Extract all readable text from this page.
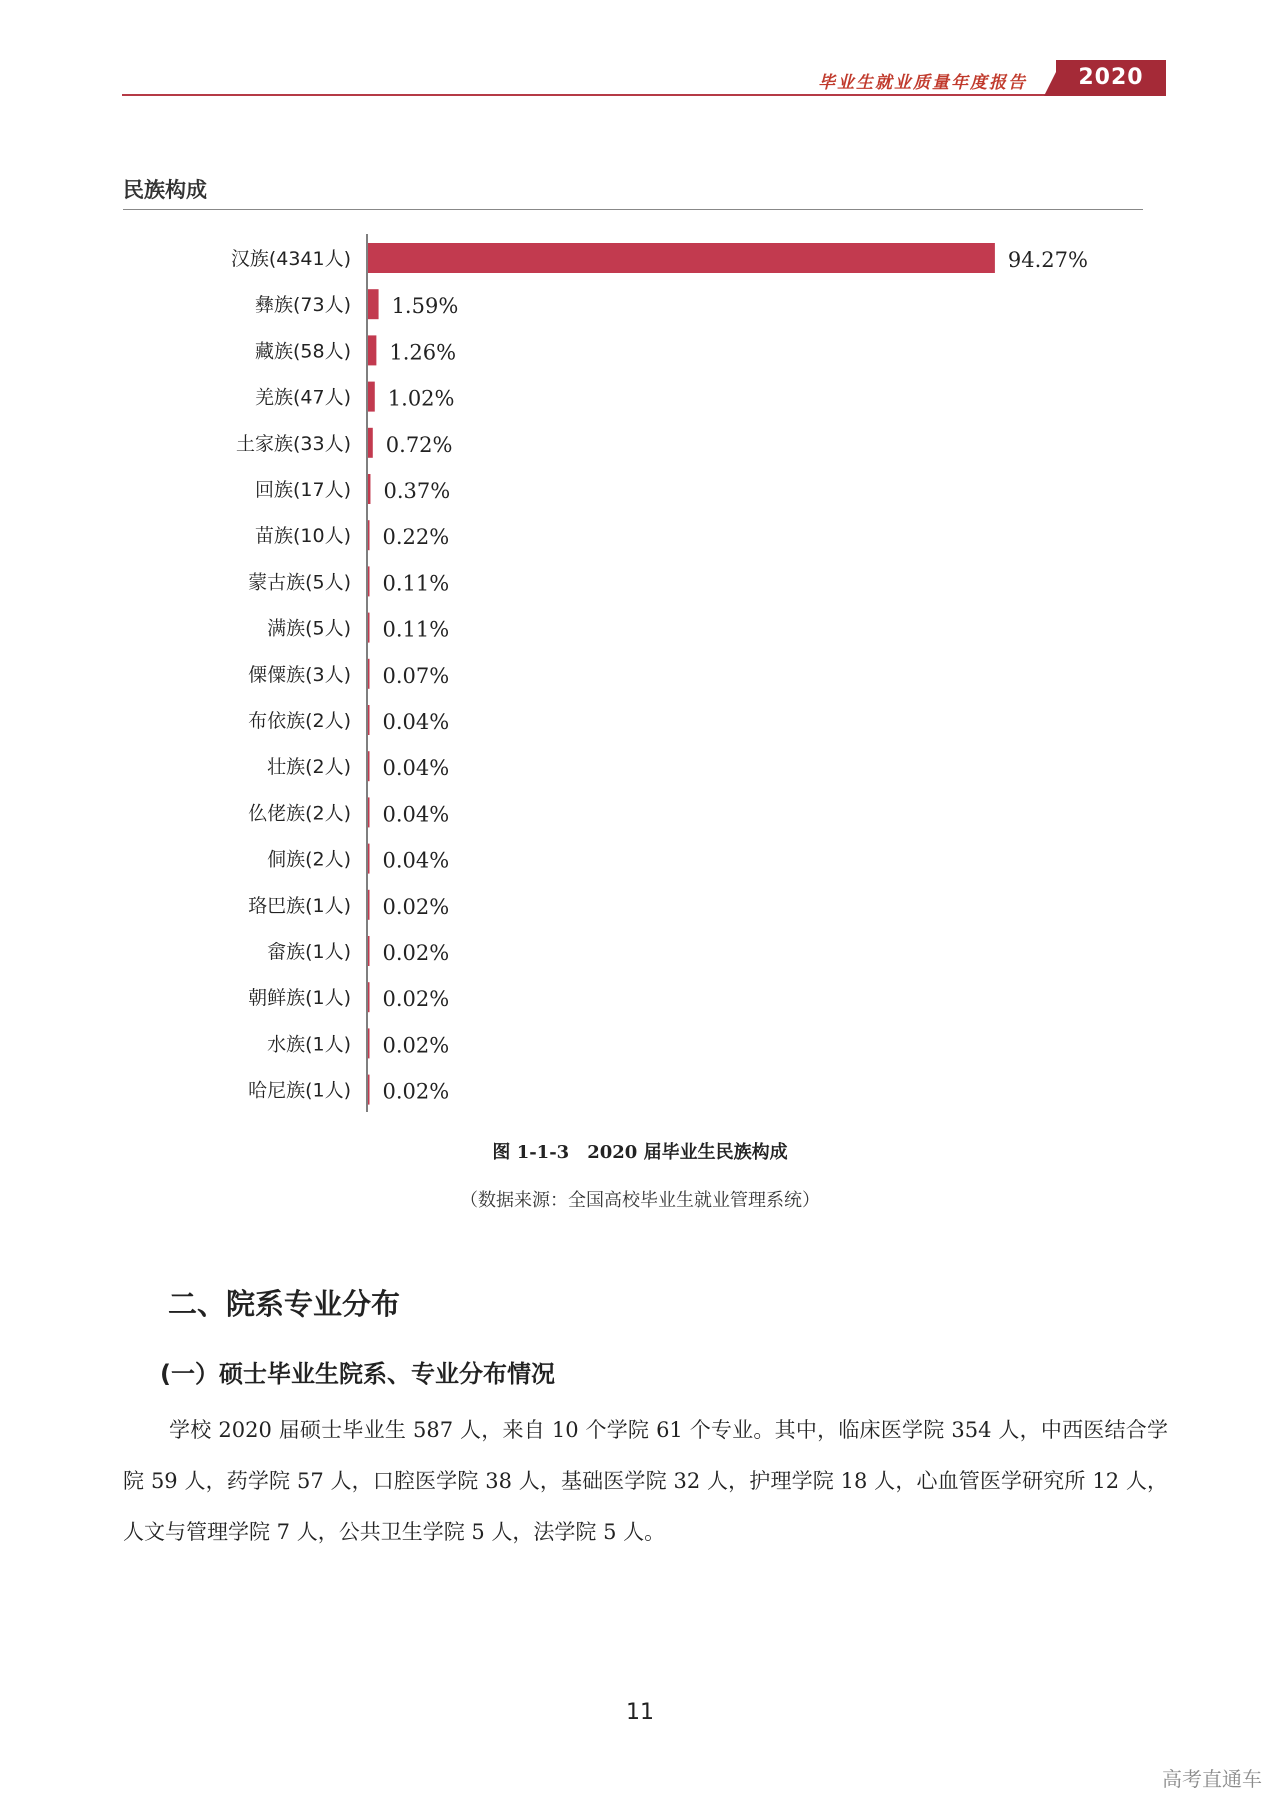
毕业生就业质量年度报告	2020
民族构成
汉族(4341人)	94.27%
彝族(73人) 1.59%
藏族(58人) 1.26%
羌族(47人) 1.02%
土家族(33人) 0.72%
回族(17人) 0.37%
苗族(10人) 0.22%
蒙古族(5人) 0.11%
满族(5人) 0.11%
傈僳族(3人) 0.07%
布依族(2人) 0.04%
壮族(2人) 0.04%
仫佬族(2人) 0.04%
侗族(2人) 0.04%
珞巴族(1人) 0.02%
畲族(1人) 0.02%
朝鲜族(1人) 0.02%
水族(1人) 0.02%
哈尼族(1人) 0.02%
图 1-1-3　2020 届毕业生民族构成
（数据来源：全国高校毕业生就业管理系统）
二、院系专业分布
(一）硕士毕业生院系、专业分布情况

学校 2020 届硕士毕业生 587 人，来自 10 个学院 61 个专业。其中，临床医学院 354 人，中西医结合学院 59 人，药学院 57 人，口腔医学院 38 人，基础医学院 32 人，护理学院 18 人，心血管医学研究所 12 人，人文与管理学院 7 人，公共卫生学院 5 人，法学院 5 人。

11
高考直通车
